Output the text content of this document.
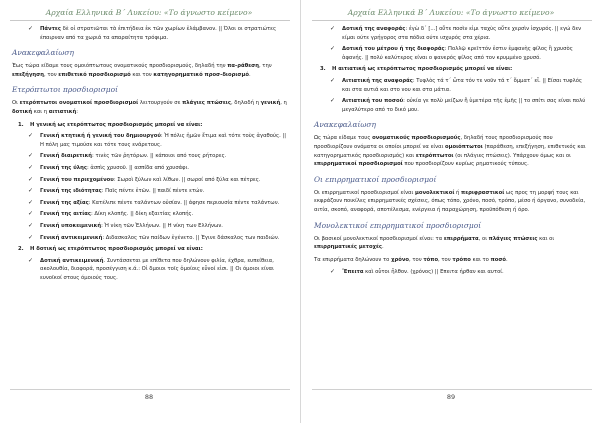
Αρχαία Ελληνικά Β΄ Λυκείου: «Το άγνωστο κείμενο»

✓ Πάντες δὲ οἱ στρατιῶται τὰ ἐπιτήδεια ἐκ τῶν χωρίων ἐλάμβανον. || Όλοι οι στρατιώτες έπαιρναν από τα χωριά τα απαραίτητα τρόφιμα.
Ανακεφαλαίωση

Έως τώρα είδαμε τους ομοιόπτωτους ονοματικούς προσδιορισμούς, δηλαδή την πα-ράθεση, την επεξήγηση, τον επιθετικό προσδιορισμό και τον κατηγορηματικό προσ-διορισμό.

Ετερόπτωτοι προσδιορισμοί

Οι ετερόπτωτοι ονοματικοί προσδιορισμοί λειτουργούν σε πλάγιες πτώσεις, δηλαδή η γενική, η δοτική και η αιτιατική:

1. Η γενική ως ετερόπτωτος προσδιορισμός μπορεί να είναι:
✓ Γενική κτητική ή γενική του δημιουργού: Ἡ πόλις ἡμῶν ἔτιμα καὶ τότε τοὺς ἀγαθούς. || Η πόλη μας τιμούσε και τότε τους ενάρετους.
✓ Γενική διαιρετική: τινὲς τῶν ῥητόρων. || κάποιοι από τους ρήτορες.
✓ Γενική της ύλης: ἀσπὶς χρυσοῦ. || ασπίδα από χρυσάφι.
✓ Γενική του περιεχομένου: Σωροὶ ξύλων καὶ λίθων. || σωροί από ξύλα και πέτρες.
✓ Γενική της ιδιότητας: Παῖς πέντε ἐτῶν. || παιδί πέντε ετών.
✓ Γενική της αξίας: Κατέλιπε πέντε ταλάντων οὐσίαν. || άφησε περιουσία πέντε ταλάντων.
✓ Γενική της αιτίας: Δίκη κλοπῆς. || δίκη εξαιτίας κλοπής.
✓ Γενική υποκειμενική: Ἡ νίκη τῶν Ἑλλήνων. || Η νίκη των Ελλήνων.
✓ Γενική αντικειμενική: Διδασκαλος τῶν παίδων ἐγένετο. || Έγινε δάσκαλος των παιδιών.
2. Η δοτική ως ετερόπτωτος προσδιορισμός μπορεί να είναι:
✓ Δοτική αντικειμενική. Συντάσσεται με επίθετα που δηλώνουν φιλία, έχθρα, ευπείθεια, ακολουθία, διαφορά, προσέγγιση κ.ά.: Οἱ δμοιοι τοῖς ὁμοίοις εὖνοί εἰσι. || Οι όμοιοι είναι ευνοϊκοί στους όμοιούς τους.
88

Αρχαία Ελληνικά Β΄ Λυκείου: «Το άγνωστο κείμενο»

✓ Δοτική της αναφοράς: ἐγὼ δ΄ [...] οὔτε ποσὶν εἰμι ταχὺς οὔτε χερσὶν ἰσχυρός. || εγώ δεν είμαι ούτε γρήγορος στα πόδια ούτε ισχυρός στα χέρια.
✓ Δοτική του μέτρου ή της διαφοράς: Πολλῷ κρεῖττόν ἐστιν ἐμφανὴς φίλος ἢ χρυσὸς ἀφανής. || πολύ καλύτερος είναι ο φανερός φίλος από τον κρυμμένο χρυσό.
3. Η αιτιατική ως ετερόπτωτος προσδιορισμός μπορεί να είναι:
✓ Αιτιατική της αναφοράς: Τυφλὸς τά τ΄ ὦτα τόν τε νοῦν τά τ΄ ὄμματ΄ εἶ. || Είσαι τυφλός και στα αυτιά και στο νου και στα μάτια.
✓ Αιτιατική του ποσού: οὐκία γε πολὺ μείζων ἢ ὑμετέρα τῆς ἐμῆς || το σπίτι σας είναι πολύ μεγαλύτερο από το δικό μου.
Ανακεφαλαίωση

Ως τώρα είδαμε τους ονοματικούς προσδιορισμούς, δηλαδή τους προσδιορισμούς που προσδιορίζουν ονόματα οι οποίοι μπορεί να είναι ομοιόπτωτοι (παράθεση, επεξήγηση, επιθετικός και κατηγορηματικός προσδιορισμός) και ετερόπτωτοι (οι πλάγιες πτώσεις). Υπάρχουν όμως και οι επιρρηματικοί προσδιορισμοί που προσδιορίζουν κυρίως ρηματικούς τύπους.

Οι επιρρηματικοί προσδιορισμοί

Οι επιρρηματικοί προσδιορισμοί είναι μονολεκτικοί ή περιφραστικοί ως προς τη μορφή τους και εκφράζουν ποικίλες επιρρηματικές σχέσεις, όπως τόπο, χρόνο, ποσό, τρόπο, μέσο ή όργανο, συνοδεία, αιτία, σκοπό, αναφορά, αποτέλεσμα, ενέργεια ή παραχώρηση, προϋπόθεση ή όρο.

Μονολεκτικοί επιρρηματικοί προσδιορισμοί

Οι βασικοί μονολεκτικοί προσδιορισμοί είναι: τα επιρρήματα, οι πλάγιες πτώσεις και οι επιρρηματικές μετοχές.

Τα επιρρήματα δηλώνουν το χρόνο, τον τόπο, τον τρόπο και το ποσό.

✓ Ἔπειτα καὶ οὗτοι ἦλθον. (χρόνος) || Επειτα ήρθαν και αυτοί.
89
